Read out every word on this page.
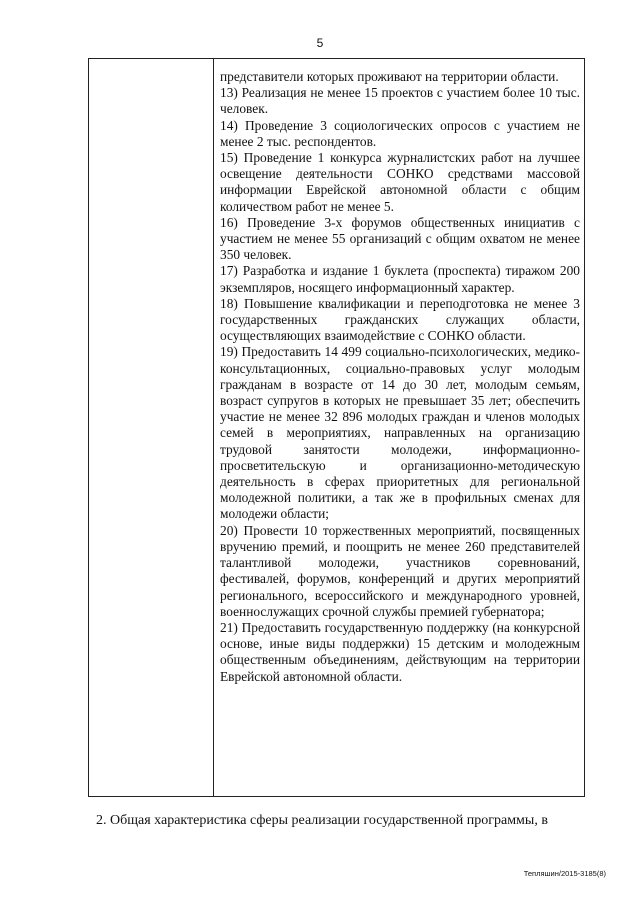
5

представители которых проживают на территории области.

13) Реализация не менее 15 проектов с участием более 10 тыс. человек.

14) Проведение 3 социологических опросов с участием не менее 2 тыс. респондентов.

15) Проведение 1 конкурса журналистских работ на лучшее освещение деятельности СОНКО средствами массовой информации Еврейской автономной области с общим количеством работ не менее 5.

16) Проведение 3-х форумов общественных инициатив с участием не менее 55 организаций с общим охватом не менее 350 человек.

17) Разработка и издание 1 буклета (проспекта) тиражом 200 экземпляров, носящего информационный характер.

18) Повышение квалификации и переподготовка не менее 3 государственных гражданских служащих области, осуществляющих взаимодействие с СОНКО области.

19) Предоставить 14 499 социально-психологических, медико-консультационных, социально-правовых услуг молодым гражданам в возрасте от 14 до 30 лет, молодым семьям, возраст супругов в которых не превышает 35 лет; обеспечить участие не менее 32 896 молодых граждан и членов молодых семей в мероприятиях, направленных на организацию трудовой занятости молодежи, информационно-просветительскую и организационно-методическую деятельность в сферах приоритетных для региональной молодежной политики, а так же в профильных сменах для молодежи области;

20) Провести 10 торжественных мероприятий, посвященных вручению премий, и поощрить не менее 260 представителей талантливой молодежи, участников соревнований, фестивалей, форумов, конференций и других мероприятий регионального, всероссийского и международного уровней, военнослужащих срочной службы премией губернатора;

21) Предоставить государственную поддержку (на конкурсной основе, иные виды поддержки) 15 детским и молодежным общественным объединениям, действующим на территории Еврейской автономной области.

2. Общая характеристика сферы реализации государственной программы, в
Тепляшин/2015-3185(8)
